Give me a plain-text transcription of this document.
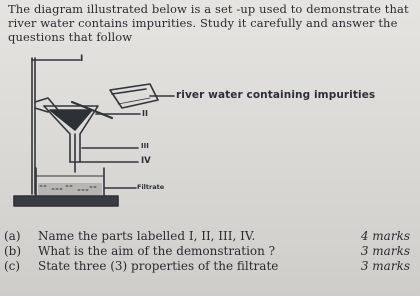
The diagram illustrated below is a set -up used to demonstrate that
river water contains impurities. Study it carefully and answer the
questions that follow
river water containing impurities
I
II
III
IV
Filtrate
(a) Name the parts labelled I, II, III, IV.	4 marks
(b) What is the aim of the demonstration ?	3 marks
(c) State three (3) properties of the filtrate	3 marks
